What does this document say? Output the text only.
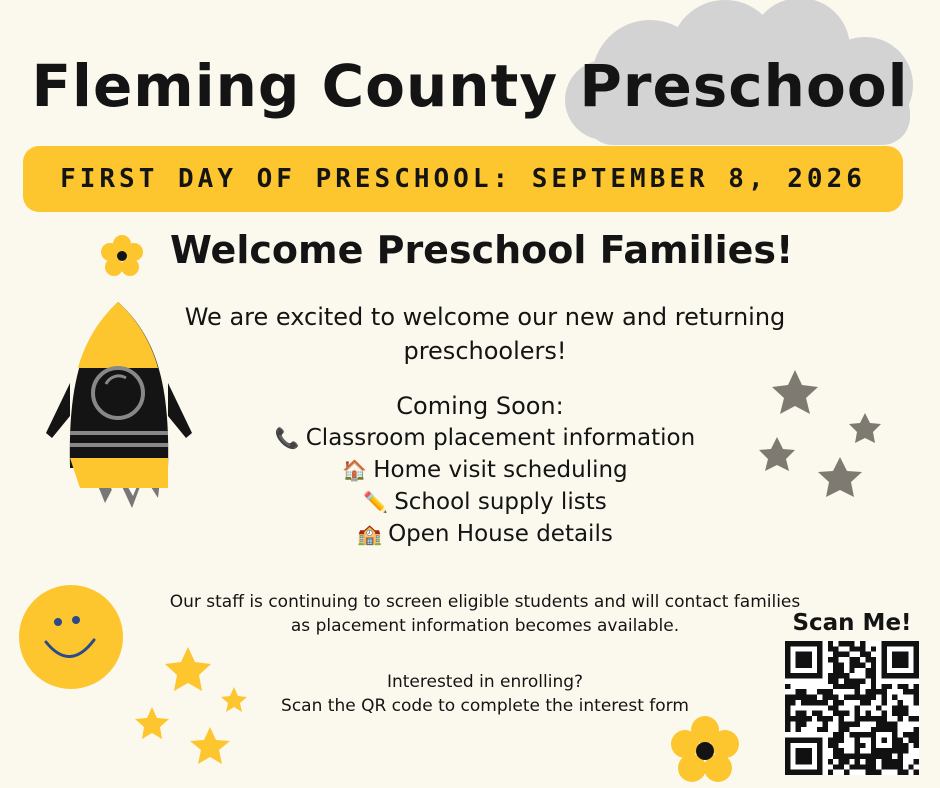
Fleming County Preschool
FIRST DAY OF PRESCHOOL: SEPTEMBER 8, 2026
Welcome Preschool Families!
We are excited to welcome our new and returning
preschoolers!
Coming Soon:
📞 Classroom placement information
🏠 Home visit scheduling
✏️ School supply lists
🏫 Open House details
Our staff is continuing to screen eligible students and will contact families
as placement information becomes available.
Interested in enrolling?
Scan the QR code to complete the interest form
Scan Me!
